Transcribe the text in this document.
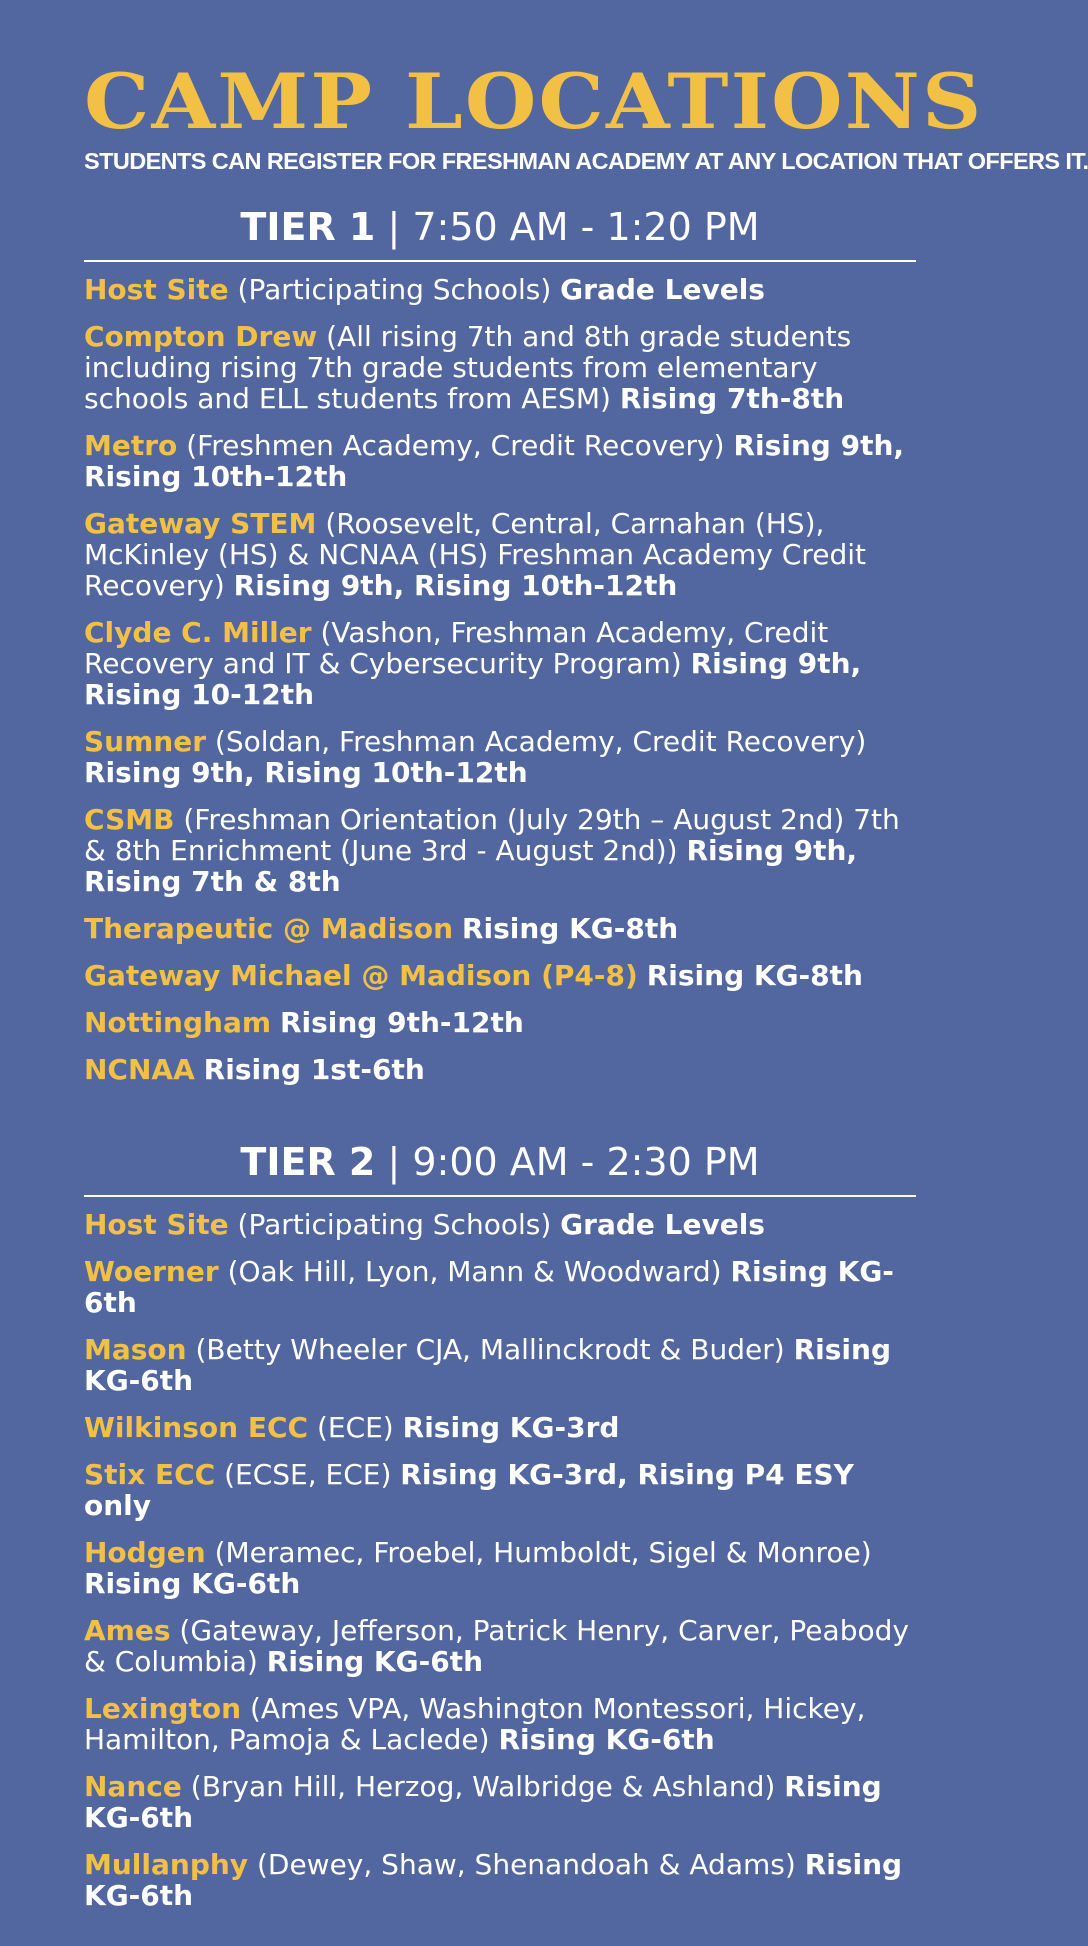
CAMP LOCATIONS
STUDENTS CAN REGISTER FOR FRESHMAN ACADEMY AT ANY LOCATION THAT OFFERS IT.
TIER 1 | 7:50 AM - 1:20 PM
Host Site (Participating Schools) Grade Levels
Compton Drew (All rising 7th and 8th grade students including rising 7th grade students from elementary schools and ELL students from AESM) Rising 7th-8th
Metro (Freshmen Academy, Credit Recovery) Rising 9th, Rising 10th-12th
Gateway STEM (Roosevelt, Central, Carnahan (HS), McKinley (HS) & NCNAA (HS) Freshman Academy Credit Recovery) Rising 9th, Rising 10th-12th
Clyde C. Miller (Vashon, Freshman Academy, Credit Recovery and IT & Cybersecurity Program) Rising 9th, Rising 10-12th
Sumner (Soldan, Freshman Academy, Credit Recovery) Rising 9th, Rising 10th-12th
CSMB (Freshman Orientation (July 29th – August 2nd) 7th & 8th Enrichment (June 3rd - August 2nd)) Rising 9th, Rising 7th & 8th
Therapeutic @ Madison Rising KG-8th
Gateway Michael @ Madison (P4-8) Rising KG-8th
Nottingham Rising 9th-12th
NCNAA Rising 1st-6th
TIER 2 | 9:00 AM - 2:30 PM
Host Site (Participating Schools) Grade Levels
Woerner (Oak Hill, Lyon, Mann & Woodward) Rising KG-6th
Mason (Betty Wheeler CJA, Mallinckrodt & Buder) Rising KG-6th
Wilkinson ECC (ECE) Rising KG-3rd
Stix ECC (ECSE, ECE) Rising KG-3rd, Rising P4 ESY only
Hodgen (Meramec, Froebel, Humboldt, Sigel & Monroe) Rising KG-6th
Ames (Gateway, Jefferson, Patrick Henry, Carver, Peabody & Columbia) Rising KG-6th
Lexington (Ames VPA, Washington Montessori, Hickey, Hamilton, Pamoja & Laclede) Rising KG-6th
Nance (Bryan Hill, Herzog, Walbridge & Ashland) Rising KG-6th
Mullanphy (Dewey, Shaw, Shenandoah & Adams) Rising KG-6th
